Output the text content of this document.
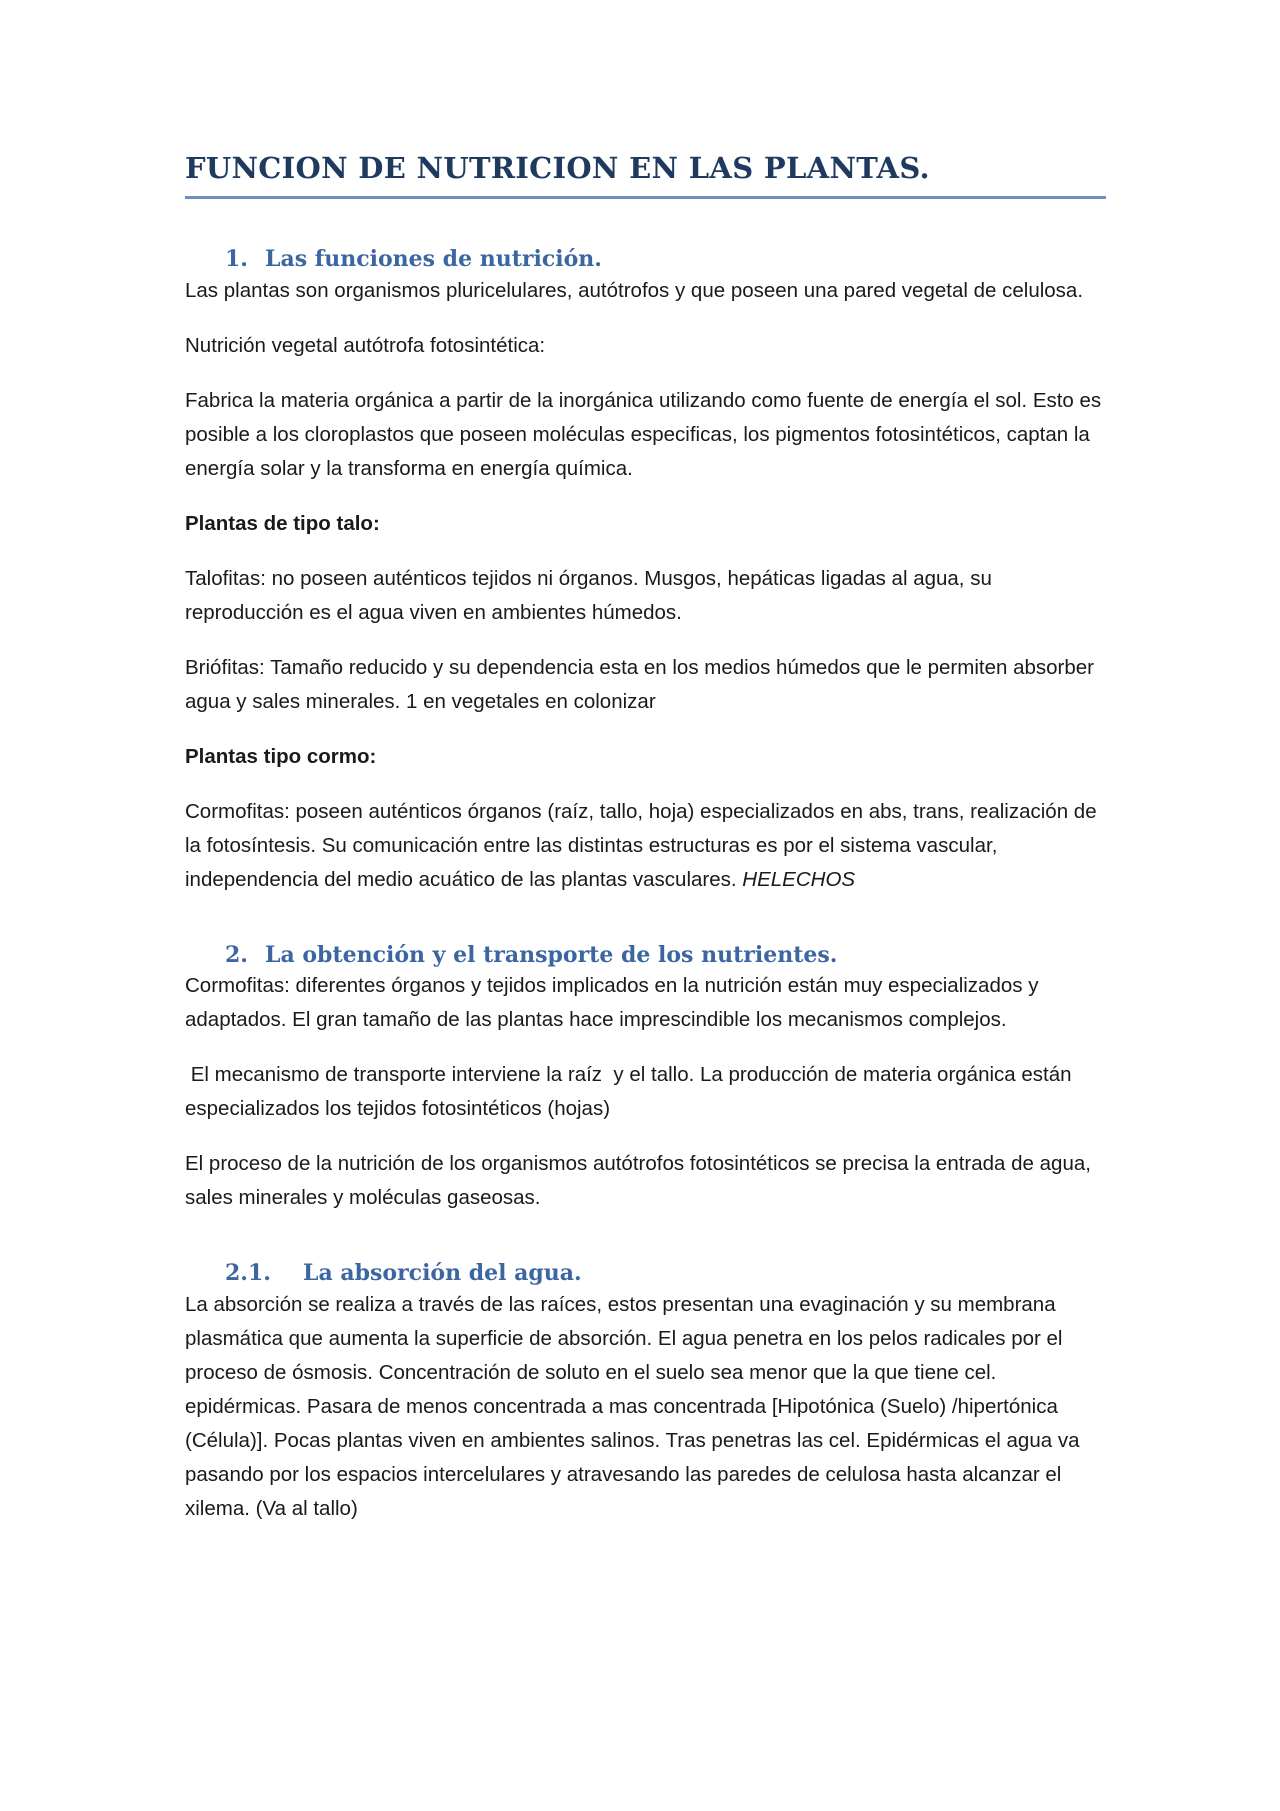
FUNCION DE NUTRICION EN LAS PLANTAS.
1. Las funciones de nutrición.

Las plantas son organismos pluricelulares, autótrofos y que poseen una pared vegetal de celulosa.

Nutrición vegetal autótrofa fotosintética:

Fabrica la materia orgánica a partir de la inorgánica utilizando como fuente de energía el sol. Esto es posible a los cloroplastos que poseen moléculas especificas, los pigmentos fotosintéticos, captan la energía solar y la transforma en energía química.

Plantas de tipo talo:

Talofitas: no poseen auténticos tejidos ni órganos. Musgos, hepáticas ligadas al agua, su reproducción es el agua viven en ambientes húmedos.

Briófitas: Tamaño reducido y su dependencia esta en los medios húmedos que le permiten absorber agua y sales minerales. 1 en vegetales en colonizar

Plantas tipo cormo:

Cormofitas: poseen auténticos órganos (raíz, tallo, hoja) especializados en abs, trans, realización de la fotosíntesis. Su comunicación entre las distintas estructuras es por el sistema vascular, independencia del medio acuático de las plantas vasculares. HELECHOS

2. La obtención y el transporte de los nutrientes.

Cormofitas: diferentes órganos y tejidos implicados en la nutrición están muy especializados y adaptados. El gran tamaño de las plantas hace imprescindible los mecanismos complejos.

El mecanismo de transporte interviene la raíz  y el tallo. La producción de materia orgánica están especializados los tejidos fotosintéticos (hojas)

El proceso de la nutrición de los organismos autótrofos fotosintéticos se precisa la entrada de agua, sales minerales y moléculas gaseosas.

2.1.	La absorción del agua.

La absorción se realiza a través de las raíces, estos presentan una evaginación y su membrana plasmática que aumenta la superficie de absorción. El agua penetra en los pelos radicales por el proceso de ósmosis. Concentración de soluto en el suelo sea menor que la que tiene cel. epidérmicas. Pasara de menos concentrada a mas concentrada [Hipotónica (Suelo) /hipertónica (Célula)]. Pocas plantas viven en ambientes salinos. Tras penetras las cel. Epidérmicas el agua va pasando por los espacios intercelulares y atravesando las paredes de celulosa hasta alcanzar el xilema. (Va al tallo)
